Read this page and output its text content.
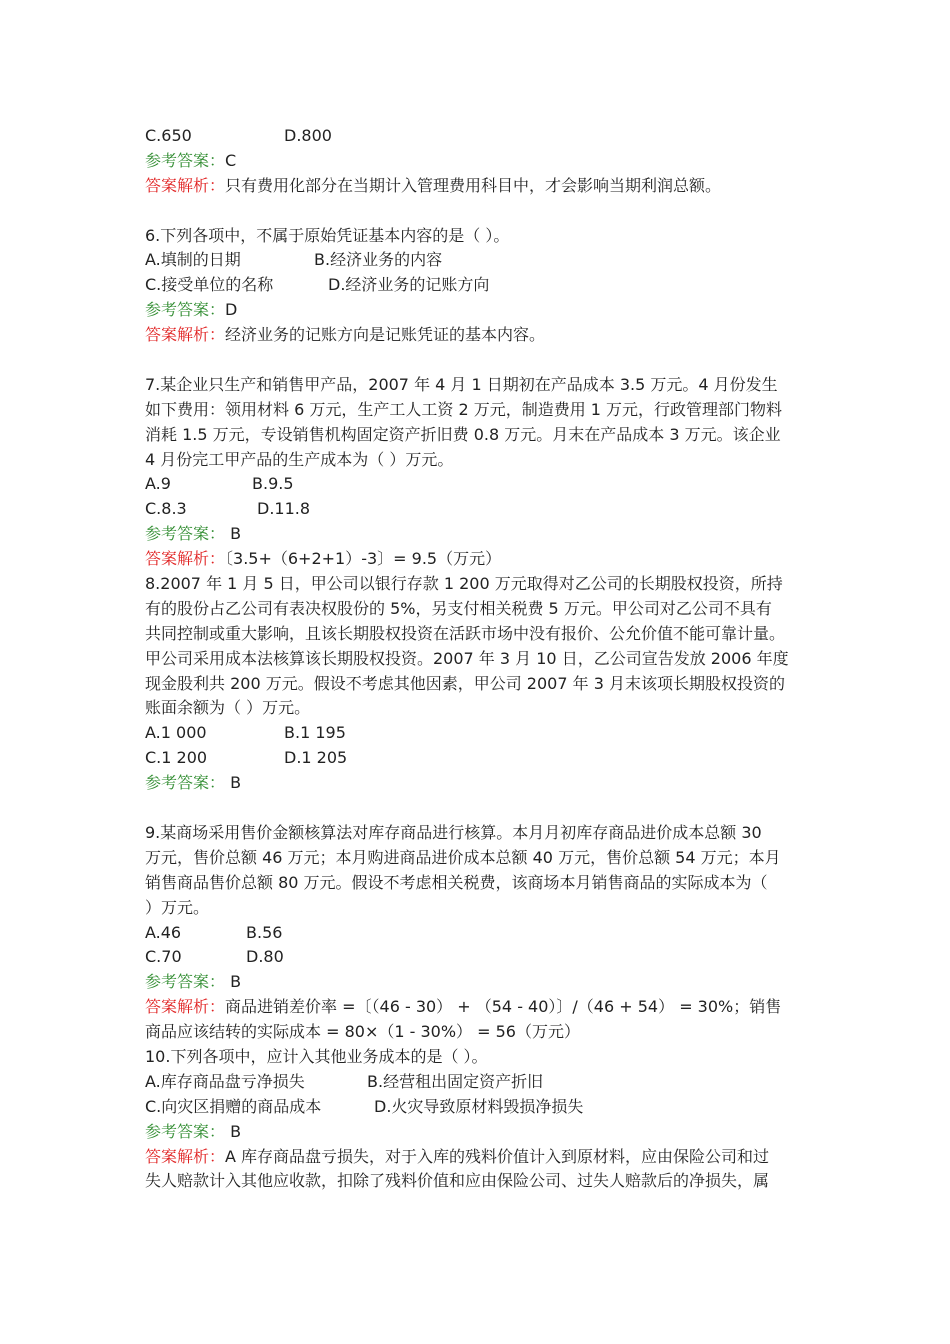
C.650	D.800
参考答案：C
答案解析：只有费用化部分在当期计入管理费用科目中，才会影响当期利润总额。
6.下列各项中，不属于原始凭证基本内容的是（ ）。
A.填制的日期	B.经济业务的内容
C.接受单位的名称	D.经济业务的记账方向
参考答案：D
答案解析：经济业务的记账方向是记账凭证的基本内容。
7.某企业只生产和销售甲产品，2007 年 4 月 1 日期初在产品成本 3.5 万元。4 月份发生
如下费用：领用材料 6 万元，生产工人工资 2 万元，制造费用 1 万元，行政管理部门物料
消耗 1.5 万元，专设销售机构固定资产折旧费 0.8 万元。月末在产品成本 3 万元。该企业
4 月份完工甲产品的生产成本为（ ）万元。
A.9	B.9.5
C.8.3	D.11.8
参考答案： B
答案解析：〔3.5+（6+2+1）-3〕= 9.5（万元）
8.2007 年 1 月 5 日，甲公司以银行存款 1 200 万元取得对乙公司的长期股权投资，所持
有的股份占乙公司有表决权股份的 5%，另支付相关税费 5 万元。甲公司对乙公司不具有
共同控制或重大影响，且该长期股权投资在活跃市场中没有报价、公允价值不能可靠计量。
甲公司采用成本法核算该长期股权投资。2007 年 3 月 10 日，乙公司宣告发放 2006 年度
现金股利共 200 万元。假设不考虑其他因素，甲公司 2007 年 3 月末该项长期股权投资的
账面余额为（ ）万元。
A.1 000	B.1 195
C.1 200	D.1 205
参考答案： B
9.某商场采用售价金额核算法对库存商品进行核算。本月月初库存商品进价成本总额 30
万元，售价总额 46 万元；本月购进商品进价成本总额 40 万元，售价总额 54 万元；本月
销售商品售价总额 80 万元。假设不考虑相关税费，该商场本月销售商品的实际成本为（
）万元。
A.46	B.56
C.70	D.80
参考答案： B
答案解析：商品进销差价率 =〔（46 - 30） + （54 - 40）〕/（46 + 54） = 30%；销售
商品应该结转的实际成本 = 80×（1 - 30%） = 56（万元）
10.下列各项中，应计入其他业务成本的是（ ）。
A.库存商品盘亏净损失	B.经营租出固定资产折旧
C.向灾区捐赠的商品成本	D.火灾导致原材料毁损净损失
参考答案： B
答案解析：A 库存商品盘亏损失，对于入库的残料价值计入到原材料，应由保险公司和过
失人赔款计入其他应收款，扣除了残料价值和应由保险公司、过失人赔款后的净损失，属
